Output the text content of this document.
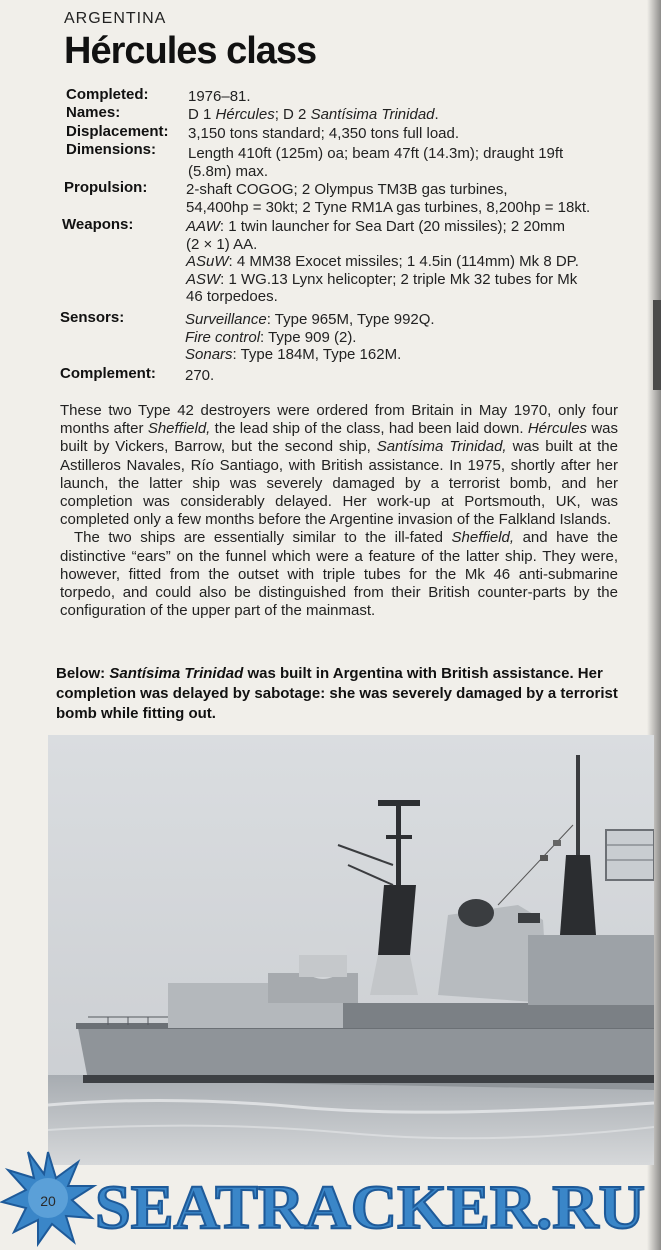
ARGENTINA
Hércules class
Completed:	1976–81.
Names:	D 1 Hércules; D 2 Santísima Trinidad.
Displacement: 3,150 tons standard; 4,350 tons full load.
Dimensions: Length 410ft (125m) oa; beam 47ft (14.3m); draught 19ft
(5.8m) max.
Propulsion:	2-shaft COGOG; 2 Olympus TM3B gas turbines,
54,400hp = 30kt; 2 Tyne RM1A gas turbines, 8,200hp = 18kt.
Weapons:	AAW: 1 twin launcher for Sea Dart (20 missiles); 2 20mm
(2 × 1) AA.
ASuW: 4 MM38 Exocet missiles; 1 4.5in (114mm) Mk 8 DP.
ASW: 1 WG.13 Lynx helicopter; 2 triple Mk 32 tubes for Mk
46 torpedoes.
Sensors:	Surveillance: Type 965M, Type 992Q.
Fire control: Type 909 (2).
Sonars: Type 184M, Type 162M.
Complement: 270.

These two Type 42 destroyers were ordered from Britain in May 1970, only four months after Sheffield, the lead ship of the class, had been laid down. Hércules was built by Vickers, Barrow, but the second ship, Santísima Trinidad, was built at the Astilleros Navales, Río Santiago, with British assistance. In 1975, shortly after her launch, the latter ship was severely damaged by a terrorist bomb, and her completion was considerably delayed. Her work-up at Portsmouth, UK, was completed only a few months before the Argentine invasion of the Falkland Islands.

The two ships are essentially similar to the ill-fated Sheffield, and have the distinctive “ears” on the funnel which were a feature of the latter ship. They were, however, fitted from the outset with triple tubes for the Mk 46 anti-submarine torpedo, and could also be distinguished from their British counter-parts by the configuration of the upper part of the mainmast.

Below: Santísima Trinidad was built in Argentina with British assistance. Her completion was delayed by sabotage: she was severely damaged by a terrorist bomb while fitting out.
20 SEATRACKER.RU
